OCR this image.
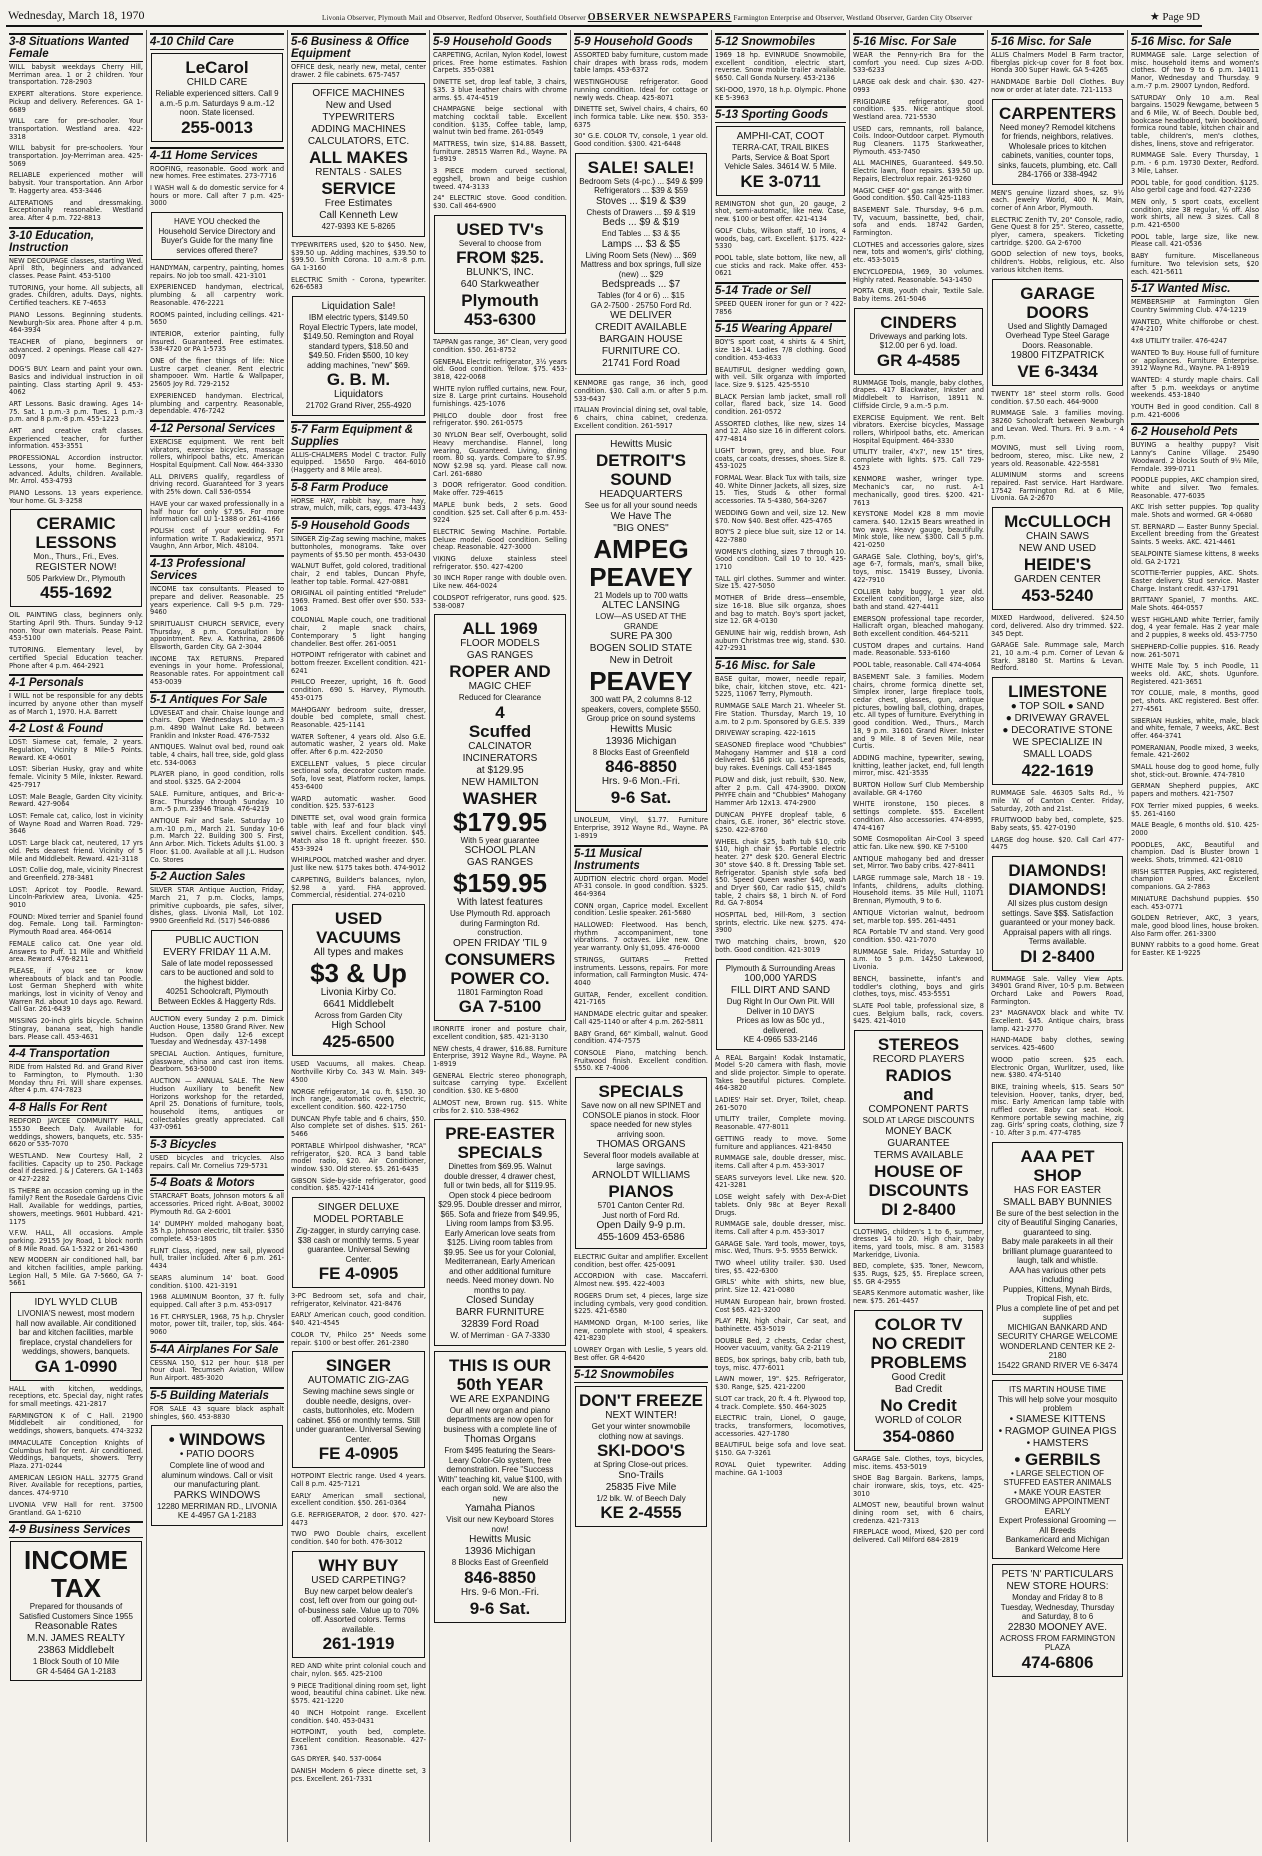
Wednesday, March 18, 1970	Livonia Observer, Plymouth Mail and Observer, Redford Observer, Southfield Observer OBSERVER NEWSPAPERS Farmington Enterprise and Observer, Westland Observer, Garden City Observer	★ Page 9D
3-8 Situations Wanted Female

WILL babysit weekdays Cherry Hill, Merriman area. 1 or 2 children. Your transportation. 728-2903

EXPERT alterations. Store experience. Pickup and delivery. References. GA 1-6689

WILL care for pre-schooler. Your transportation. Westland area. 422-3318

WILL babysit for pre-schoolers. Your transportation. Joy-Merriman area. 425-5069

RELIABLE experienced mother will babysit. Your transportation. Ann Arbor Tr. Haggerty area. 453-3446

ALTERATIONS and dressmaking. Exceptionally reasonable. Westland area. After 4 p.m. 722-8813

3-10 Education, Instruction

NEW DECOUPAGE classes, starting Wed. April 8th, beginners and advanced classes. Pease Paint. 453-5100

TUTORING, your home. All subjects, all grades. Children, adults. Days, nights. Certified teachers. KE 7-4653

PIANO Lessons. Beginning students. Newburgh-Six area. Phone after 4 p.m. 464-3934

TEACHER of piano, beginners or advanced. 2 openings. Please call 427-0097

DOG'S BUY. Learn and paint your own. Basics and individual instruction in oil painting. Class starting April 9. 453-4062

ART Lessons. Basic drawing. Ages 14-75. Sat. 1 p.m.-3 p.m. Tues. 1 p.m.-3 p.m. and 8 p.m.-8 p.m. 455-1223

ART and creative craft classes. Experienced teacher, for further information. 453-3551

PROFESSIONAL Accordion instructor. Lessons, your home. Beginners, advanced. Adults, children. Available. Mr. Arrol. 453-4793

PIANO Lessons. 13 years experience. Your home. GL 3-3258

CERAMIC
LESSONS
Mon., Thurs., Fri., Eves.
REGISTER NOW!
505 Parkview Dr., Plymouth
455-1692

OIL PAINTING class, beginners only. Starting April 9th. Thurs. Sunday 9-12 noon. Your own materials. Pease Paint. 453-5100

TUTORING. Elementary level, by certified Special Education teacher. Phone after 4 p.m. 464-2921

4-1 Personals

I WILL not be responsible for any debts incurred by anyone other than myself as of March 1, 1970. H.A. Barrett

4-2 Lost & Found

LOST: Siamese cat, female, 2 years. Regulation, Vicinity 8 Mile-5 Points. Reward. KE 4-0601

LOST: Siberian Husky, gray and white female. Vicinity 5 Mile, Inkster. Reward. 425-7917

LOST: Male Beagle, Garden City vicinity. Reward. 427-9064

LOST: Female cat, calico, lost in vicinity of Wayne Road and Warren Road. 729-3646

LOST: Large black cat, neutered, 17 yrs old. Pets dearest friend. Vicinity of 5 Mile and Middlebelt. Reward. 421-3118

LOST: Collie dog, male, vicinity Pinecrest and Greenfield. 278-3481

LOST: Apricot toy Poodle. Reward. Lincoln-Parkview area, Livonia. 425-9010

FOUND: Mixed terrier and Spaniel found dog. Female. Long tail. Farmington-Plymouth Road area. 464-0614

FEMALE calico cat. One year old. Answers to Puff. 11 Mile and Whitfield area. Reward. 476-8211

PLEASE, if you see or know whereabouts of black and tan Poodle. Lost German Shepherd with white markings, lost in vicinity of Venoy and Warren Rd. about 10 days ago. Reward. Call Gar. 261-6439

MISSING 20-inch girls bicycle. Schwinn Stingray, banana seat, high handle bars. Please call. 453-4631

4-4 Transportation

RIDE from Halsted Rd. and Grand River to Farmington, to Plymouth. 1:30 Monday thru Fri. Will share expenses. After 4 p.m. 474-7823

4-8 Halls For Rent

REDFORD JAYCEE COMMUNITY HALL, 15530 Beech Daly. Available for weddings, showers, banquets, etc. 535-6620 or 535-7070

WESTLAND. New Courtesy Hall, 2 facilities. Capacity up to 250. Package deal if desired. J & J Caterers. GA 1-1463 or 427-2282

IS THERE an occasion coming up in the family? Rent the Rosedale Gardens Civic Hall. Available for weddings, parties, showers, meetings. 9601 Hubbard. 421-1175

V.F.W. HALL, All occasions. Ample parking. 29155 Joy Road, 1 block north of 8 Mile Road. GA 1-5322 or 261-4360

NEW MODERN air conditioned hall, bar and kitchen facilities, ample parking. Legion Hall, 5 Mile. GA 7-5660, GA 7-5661

IDYL WYLD CLUB
LIVONIA'S newest, most modern hall now available. Air conditioned bar and kitchen facilities, marble fireplace, crystal chandeliers for weddings, showers, banquets.
GA 1-0990

HALL with kitchen, weddings, receptions, etc. Special day, night rates for small meetings. 421-2817

FARMINGTON K of C Hall. 21900 Middlebelt air conditioned, for weddings, showers, banquets. 474-3232

IMMACULATE Conception Knights of Columbus hall for rent. Air conditioned. Weddings, banquets, showers. Terry Plaza. 271-0244

AMERICAN LEGION HALL. 32775 Grand River. Available for receptions, parties, dances. 474-9710

LIVONIA VFW Hall for rent. 37500 Grantland. GA 1-6210

4-9 Business Services
INCOME
TAX
Prepared for thousands of Satisfied Customers Since 1955
Reasonable Rates
M.N. JAMES REALTY
23863 Middlebelt
1 Block South of 10 Mile
GR 4-5464 GA 1-2183
4-10 Child Care
LeCarol
CHILD CARE
Reliable experienced sitters. Call 9 a.m.-5 p.m. Saturdays 9 a.m.-12 noon. State licensed.
255-0013
4-11 Home Services

ROOFING, reasonable. Good work and new homes. Free estimates. 273-7716

I WASH wall & do domestic service for 4 hours or more. Call after 7 p.m. 425-3000

HAVE YOU checked the Household Service Directory and Buyer's Guide for the many fine services offered there?

HANDYMAN, carpentry, painting, homes repairs. No job too small. 421-3101

EXPERIENCED handyman, electrical, plumbing & all carpentry work. Reasonable. 476-2221

ROOMS painted, including ceilings. 421-5650

INTERIOR, exterior painting, fully insured. Guaranteed. Free estimates. 538-4720 or PA 1-5735

ONE of the finer things of life: Nice Lustre carpet cleaner. Rent electric shampooer. Wm. Hartle & Wallpaper, 25605 Joy Rd. 729-2152

EXPERIENCED handyman. Electrical, plumbing and carpentry. Reasonable, dependable. 476-7242

4-12 Personal Services

EXERCISE equipment. We rent belt vibrators, exercise bicycles, massage rollers, whirlpool baths, etc. American Hospital Equipment. Call Now. 464-3330

ALL DRIVERS qualify, regardless of driving record. Guaranteed for 3 years with 25% down. Call 536-0554

HAVE your car waxed professionally in a half hour for only $7.95. For more information call LU 1-1388 or 261-4166

POLISH cost of your wedding. For information write T. Radakiewicz, 9571 Vaughn, Ann Arbor, Mich. 48104.

4-13 Professional Services

INCOME tax consultants. Pleased to prepare and deliver. Reasonable. 25 years experience. Call 9-5 p.m. 729-9460

SPIRITUALIST CHURCH SERVICE, every Thursday, 8 p.m. Consultation by appointment. Rev. A. Kathrina, 28606 Ellsworth, Garden City. GA 2-3044

INCOME TAX RETURNS. Prepared evenings in your home. Professional, Reasonable rates. For appointment call 453-0039

5-1 Antiques For Sale

LOVESEAT and chair. Chaise lounge and chairs. Open Wednesdays 10 a.m.-3 p.m. 4890 Walnut Lake Rd. between Franklin and Inkster Road. 476-7532

ANTIQUES. Walnut oval bed, round oak table, 4 chairs, hall tree, side, gold glass etc. 534-0063

PLAYER piano, in good condition, rolls and stool. $325. GA 2-2004

SALE. Furniture, antiques, and Bric-a-Brac. Thursday through Sunday. 10 a.m.-5 p.m. 23946 Triana. 476-4219

ANTIQUE Fair and Sale. Saturday 10 a.m.-10 p.m., March 21. Sunday 10-6 p.m. March 22. Building 300 S. First, Ann Arbor. Mich. Tickets Adults $1.00. 3 Floor. $1.00. Available at all J.L. Hudson Co. Stores

5-2 Auction Sales

SILVER STAR Antique Auction, Friday, March 21, 7 p.m. Clocks, lamps, primitive cupboards, pie safes, silver, dishes, glass. Livonia Mall, Lot 102. 9900 Greenfield Rd. (517) 546-0886

PUBLIC AUCTION
EVERY FRIDAY 11 A.M.
Sale of late model repossessed cars to be auctioned and sold to the highest bidder.
40251 Schoolcraft, Plymouth Between Eckles & Haggerty Rds.

AUCTION every Sunday 2 p.m. Dimick Auction House, 13580 Grand River. New Hudson. Open daily 12-6 except Tuesday and Wednesday. 437-1498

SPECIAL Auction. Antiques, furniture, glassware, china and cast iron items. Dearborn. 563-5000

AUCTION — ANNUAL SALE. The New Hudson Auxiliary to benefit New Horizons workshop for the retarded, April 25. Donations of furniture, tools, household items, antiques or collectables greatly appreciated. Call 437-0961

5-3 Bicycles

USED bicycles and tricycles. Also repairs. Call Mr. Cornelius 729-5731

5-4 Boats & Motors

STARCRAFT Boats, Johnson motors & all accessories. Priced right. A-Boat, 30002 Plymouth Rd. GA 2-6001

14' DUMPHY molded mahogany boat, 35 h.p. Johnson electric, tilt trailer. $350 complete. 453-1805

FLINT Class, rigged, new sail, plywood hull, trailer included. After 6 p.m. 261-4434

SEARS aluminum 14' boat. Good condition. $100. 421-3191

1968 ALUMINUM Boonton, 37 ft. fully equipped. Call after 3 p.m. 453-0917

16 FT. CHRYSLER, 1968, 75 h.p. Chrysler motor, power tilt, trailer, top, skis. 464-9060

5-4A Airplanes For Sale

CESSNA 150, $12 per hour. $18 per hour dual. Tecumseh Aviation, Willow Run Airport. 485-3020

5-5 Building Materials

FOR SALE 43 square black asphalt shingles, $60. 453-8830

• WINDOWS
• PATIO DOORS
Complete line of wood and aluminum windows. Call or visit our manufacturing plant.
PARKS WINDOWS
12280 MERRIMAN RD., LIVONIA
KE 4-4957 GA 1-2183
5-6 Business & Office Equipment

OFFICE desk, nearly new, metal, center drawer. 2 file cabinets. 675-7457

OFFICE MACHINES
New and Used
TYPEWRITERS
ADDING MACHINES
CALCULATORS, ETC.
ALL MAKES
RENTALS · SALES
SERVICE
Free Estimates
Call Kenneth Lew
427-9393 KE 5-8265

TYPEWRITERS used, $20 to $450. New, $39.50 up. Adding machines, $39.50 to $99.50. Smith Corona. 10 a.m.-8 p.m. GA 1-3160

ELECTRIC Smith - Corona, typewriter. 626-6583

Liquidation Sale!
IBM electric typers, $149.50
Royal Electric Typers, late model, $149.50. Remington and Royal standard typers, $18.50 and $49.50. Friden $500, 10 key adding machines, "new" $69.
G. B. M.
Liquidators
21702 Grand River, 255-4920
5-7 Farm Equipment & Supplies

ALLIS-CHALMERS Model C tractor. Fully equipped. 15650 Fargo. 464-6010 (Haggerty and 8 Mile area).

5-8 Farm Produce

HORSE HAY, rabbit hay, mare hay, straw, mulch, milk, cars, eggs. 473-4433

5-9 Household Goods

SINGER Zig-Zag sewing machine, makes buttonholes, monograms. Take over payments of $5.50 per month. 453-0430

WALNUT Buffet, gold colored, traditional chair, 2 end tables, Duncan Phyfe, leather top table. Formal. 427-0881

ORIGINAL oil painting entitled "Prelude" 1969. Framed. Best offer over $50. 533-1063

COLONIAL Maple couch, one traditional chair, 2 maple snack chairs, Contemporary 5 light hanging chandelier. Best offer. 261-0051

HOTPOINT refrigerator with cabinet and bottom freezer. Excellent condition. 421-6241

PHILCO Freezer, upright, 16 ft. Good condition. 690 S. Harvey, Plymouth. 453-0175

MAHOGANY bedroom suite, dresser, double bed complete, small chest. Reasonable. 425-1141

WATER Softener, 4 years old. Also G.E. automatic washer, 2 years old. Make offer. After 6 p.m. 422-2050

EXCELLENT values, 5 piece circular sectional sofa, decorator custom made. Sofa, love seat, Platform rocker, lamps. 453-6400

WARD automatic washer. Good condition. $25. 537-6123

DINETTE set, oval wood grain formica table with leaf and four black vinyl swivel chairs. Excellent condition. $45. Match also 18 ft. upright freezer. $50. 453-3924

WHIRLPOOL matched washer and dryer. Just like new. $175 takes both. 474-9012

CARPETING, Builder's balances, nylon, $2.98 a yard. FHA approved. Commercial, residential. 274-0210

USED VACUUMS
All types and makes
$3 & Up
Livonia Kirby Co.
6641 Middlebelt
Across from Garden City
High School
425-6500

USED Vacuums, all makes. Cheap. Northville Kirby Co. 343 W. Main. 349-4500

NORGE refrigerator, 14 cu. ft. $150. 30 inch range, automatic oven, electric, excellent condition. $60. 422-1750

DUNCAN Phyfe table and 6 chairs, $50. Also complete set of dishes. $15. 261-5466

PORTABLE Whirlpool dishwasher, "RCA" refrigerator, $20. RCA 3 band table model radio, $20. Air Conditioner, window. $30. Old stereo. $5. 261-6435

GIBSON Side-by-side refrigerator, good condition. $85. 427-1414

SINGER DELUXE
MODEL PORTABLE
Zig-zagger, in sturdy carrying case. $38 cash or monthly terms. 5 year guarantee. Universal Sewing Center.
FE 4-0905

3-PC Bedroom set, sofa and chair, refrigerator, Kelvinator. 421-8476

EARLY American couch, good condition. $40. 421-4545

COLOR TV, Philco 25" Needs some repair. $100 or best offer. 261-2380

SINGER
AUTOMATIC ZIG-ZAG
Sewing machine sews single or double needle, designs, over-casts, buttonholes, etc. Modern cabinet. $56 or monthly terms. Still under guarantee. Universal Sewing Center.
FE 4-0905

HOTPOINT Electric range. Used 4 years. Call 8 p.m. 425-7121

EARLY American small sectional, excellent condition. $50. 261-0364

G.E. REFRIGERATOR, 2 door. $70. 427-4473

TWO PWO Double chairs, excellent condition. $40 for both. 476-3012

WHY BUY
USED CARPETING?
Buy new carpet below dealer's cost, left over from our going out-of-business sale. Value up to 70% off. Assorted colors. Terms available.
261-1919

RED AND white print colonial couch and chair, nylon. $65. 425-2100

9 PIECE Traditional dining room set, light wood, beautiful china cabinet. Like new. $575. 421-1220

40 INCH Hotpoint range. Excellent condition. $40. 453-0431

HOTPOINT, youth bed, complete. Excellent condition. Reasonable. 427-7361

GAS DRYER. $40. 537-0064

DANISH Modern 6 piece dinette set, 3 pcs. Excellent. 261-7331

5-9 Household Goods

CARPETING, Acrilan, Nylon Kodel, lowest prices. Free home estimates. Fashion Carpets. 355-0381

DINETTE set, drop leaf table, 3 chairs, $35. 3 blue leather chairs with chrome arms. $5. 474-4519

CHAMPAGNE beige sectional with matching cocktail table. Excellent condition. $135. Coffee table, lamp, walnut twin bed frame. 261-0549

MATTRESS, twin size, $14.88. Bassett, furniture. 28515 Warren Rd., Wayne. PA 1-8919

3 PIECE modern curved sectional, eggshell, brown and beige cushion tweed. 474-3133

24" ELECTRIC stove. Good condition. $30. Call 464-6900

USED TV's
Several to choose from
FROM $25.
BLUNK'S, INC.
640 Starkweather
Plymouth
453-6300

TAPPAN gas range, 36" Clean, very good condition. $50. 261-8752

GENERAL Electric refrigerator, 3½ years old. Good condition. Yellow. $75. 453-3818, 422-0068

WHITE nylon ruffled curtains, new. Four, size 8. Large print curtains. Household furnishings. 425-1076

PHILCO double door frost free refrigerator. $90. 261-0575

30 NYLON Bear self, Overbought, solid Heavy merchandise. Flannel, long wearing, Guaranteed. Living, dining room. 80 sq. yards. Compare to $7.95. NOW $2.98 sq. yard. Please call now. Carl. 261-6880

3 DOOR refrigerator. Good condition. Make offer. 729-4615

MAPLE bunk beds, 2 sets. Good condition. $25 set. Call after 6 p.m. 453-9224

ELECTRIC Sewing Machine. Portable. Deluxe model. Good condition. Selling cheap. Reasonable. 427-3000

VIKING deluxe stainless steel refrigerator. $50. 427-4200

30 INCH Roper range with double oven. Like new. 464-0024

COLDSPOT refrigerator, runs good. $25. 538-0087

ALL 1969
FLOOR MODELS
GAS RANGES
ROPER AND
MAGIC CHEF
Reduced for Clearance
4
Scuffed
CALCINATOR
INCINERATORS
at $129.95
NEW HAMILTON
WASHER
$179.95
With 5 year guarantee
SCHOOL PLAN
GAS RANGES
$159.95
With latest features
Use Plymouth Rd. approach during Farmington Rd. construction.
OPEN FRIDAY 'TIL 9
CONSUMERS
POWER CO.
11801 Farmington Road
GA 7-5100

IRONRITE ironer and posture chair, excellent condition, $85. 421-3130

NEW chests, 4 drawer, $16.88. Furniture Enterprise, 3912 Wayne Rd., Wayne. PA 1-8919

GENERAL Electric stereo phonograph, suitcase carrying type. Excellent condition. $30. KE 5-6800

ALMOST new, Brown rug. $15. White cribs for 2. $10. 538-4962

PRE-EASTER
SPECIALS
Dinettes from $69.95. Walnut double dresser, 4 drawer chest, full or twin beds, all for $119.95. Open stock 4 piece bedroom $29.95. Double dresser and mirror, $65. Sofa and frieze from $49.95, Living room lamps from $3.95. Early American love seats from $125. Living room tables from $9.95. See us for your Colonial, Mediterranean, Early American and other additional furniture needs. Need money down. No months to pay.
Closed Sunday
BARR FURNITURE
32839 Ford Road
W. of Merriman · GA 7-3330
THIS IS OUR
50th YEAR
WE ARE EXPANDING
Our all new organ and piano departments are now open for business with a complete line of
Thomas Organs
From $495 featuring the Sears-Leary Color-Glo system, free demonstration. Free "Success With" teaching kit, value $100, with each organ sold. We are also the new
Yamaha Pianos
Visit our new Keyboard Stores now!
Hewitts Music
13936 Michigan
8 Blocks East of Greenfield
846-8850
Hrs. 9-6 Mon.-Fri.
9-6 Sat.
5-9 Household Goods

ASSORTED baby furniture, custom made chair drapes with brass rods, modern table lamps. 453-6372

WESTINGHOUSE refrigerator. Good running condition. Ideal for cottage or newly weds. Cheap. 425-8071

DINETTE set, Swivel chairs, 4 chairs, 60 inch formica table. Like new. $50. 353-6375

30" G.E. COLOR TV, console, 1 year old. Good condition. $300. 421-6448

SALE! SALE!
Bedroom Sets (4-pc.) ... $49 & $99
Refrigerators ... $39 & $59
Stoves ... $19 & $39
Chests of Drawers ... $9 & $19
Beds ... $9 & $19
End Tables ... $3 & $5
Lamps ... $3 & $5
Living Room Sets (New) ... $69
Mattress and box springs, full size (new) ... $29
Bedspreads ... $7
Tables (for 4 or 6) ... $15
GA 2-7500 · 25750 Ford Rd.
WE DELIVER
CREDIT AVAILABLE
BARGAIN HOUSE
FURNITURE CO.
21741 Ford Road

KENMORE gas range, 36 inch, good condition. $30. Call a.m. or after 5 p.m. 533-6437

ITALIAN Provincial dining set, oval table, 6 chairs, china cabinet, credenza. Excellent condition. 261-5917

Hewitts Music
DETROIT'S
SOUND
HEADQUARTERS
See us for all your sound needs
We Have The
"BIG ONES"
AMPEG
PEAVEY
21 Models up to 700 watts
ALTEC LANSING
LOW—AS USED AT THE GRANDE
SURE PA 300
BOGEN SOLID STATE
New in Detroit
PEAVEY
300 watt PA, 2 columns 8-12 speakers, covers, complete $550.
Group price on sound systems
Hewitts Music
13936 Michigan
8 Blocks East of Greenfield
846-8850
Hrs. 9-6 Mon.-Fri.
9-6 Sat.

LINOLEUM, Vinyl, $1.77. Furniture Enterprise, 3912 Wayne Rd., Wayne. PA 1-8919

5-11 Musical Instruments

AUDITION electric chord organ. Model AT-31 console. In good condition. $325. 464-9364

CONN organ, Caprice model. Excellent condition. Leslie speaker. 261-5680

HALLOWED: Fleetwood. Has bench, rhythm accompaniment, tone vibrations. 7 octaves. Like new. One year warranty. Only $1,095. 476-0000

STRINGS, GUITARS — Fretted instruments. Lessons, repairs. For more information, call Farmington Music. 474-4040

GUITAR, Fender, excellent condition. 421-7165

HANDMADE electric guitar and speaker. Call 425-1140 or after 4 p.m. 262-5811

BABY Grand, 66" Kimball, walnut. Good condition. 474-7575

CONSOLE Piano, matching bench. Fruitwood finish. Excellent condition. $550. KE 7-4006

SPECIALS
Save now on all new SPINET and CONSOLE pianos in stock. Floor space needed for new styles arriving soon.
THOMAS ORGANS
Several floor models available at large savings.
ARNOLDT WILLIAMS
PIANOS
5701 Canton Center Rd.
Just north of Ford Rd.
Open Daily 9-9 p.m.
455-1609 453-6586

ELECTRIC Guitar and amplifier. Excellent condition, best offer. 425-0091

ACCORDION with case. Maccaferri. Almost new. $95. 422-4003

ROGERS Drum set, 4 pieces, large size including cymbals, very good condition. $225. 421-6580

HAMMOND Organ, M-100 series, like new, complete with stool, 4 speakers. 421-8230

LOWREY Organ with Leslie, 5 years old. Best offer. GR 4-6420

5-12 Snowmobiles
DON'T FREEZE
NEXT WINTER!
Get your winter snowmobile clothing now at savings.
SKI-DOO'S
at Spring Close-out prices.
Sno-Trails
25835 Five Mile
1/2 blk. W. of Beech Daly
KE 2-4555
5-12 Snowmobiles

1969 18 hp. EVINRUDE Snowmobile, excellent condition, electric start, reverse. Snow mobile trailer available. $650. Call Gonda Nursery. 453-2136

SKI-DOO, 1970, 18 h.p. Olympic. Phone KE 5-3963

5-13 Sporting Goods
AMPHI-CAT, COOT
TERRA-CAT, TRAIL BIKES
Parts, Service & Boat Sport Vehicle Sales. 34614 W. 5 Mile.
KE 3-0711

REMINGTON shot gun, 20 gauge, 2 shot, semi-automatic, like new. Case, new. $100 or best offer. 421-4134

GOLF Clubs, Wilson staff, 10 irons, 4 woods, bag, cart. Excellent. $175. 422-5330

POOL table, slate bottom, like new, all cue sticks and rack. Make offer. 453-0621

5-14 Trade or Sell

SPEED QUEEN ironer for gun or ? 422-7856

5-15 Wearing Apparel

BOY'S sport coat, 4 shirts & 4 Shirt, size 18-14. Ladies 7/8 clothing. Good condition. 453-4633

BEAUTIFUL designer wedding gown, with veil. Silk organza with imported lace. Size 9. $125. 425-5510

BLACK Persian lamb jacket, small roll collar, flared back, size 14. Good condition. 261-0572

ASSORTED clothes, like new, sizes 14 and 12. Also size 16 in different colors. 477-4814

LIGHT brown, grey, and blue. Four coats, car coats, dresses, shoes. Size 8. 453-1025

FORMAL Wear. Black Tux with tails, size 40. White Dinner Jackets, all sizes, size 15. Ties, Studs & other formal accessories. TA 5-4380, 564-3267

WEDDING Gown and veil, size 12. New $70. Now $40. Best offer. 425-4765

BOY'S 2 piece blue suit, size 12 or 14. 422-7880

WOMEN'S clothing, sizes 7 through 10. Good condition. Call 10 to 10. 425-1710

TALL girl clothes. Summer and winter. Size 15. 427-5050

MOTHER of Bride dress—ensemble, size 16-18. Blue silk organza, shoes and bag to match. Boy's sport jacket, size 12. GR 4-0130

GENUINE hair wig, reddish brown, Ash auburn Christmas tree wig, stand. $30. 427-2931

5-16 Misc. for Sale

BASE guitar, mower, needle repair, bike, chair, kitchen stove, etc. 421-5225, 11067 Terry, Plymouth.

RUMMAGE SALE March 21. Wheeler St. Fire Station. Thursday, March 19, 10 a.m. to 2 p.m. Sponsored by G.E.S. 339

DRIVEWAY scraping. 422-1615

SEASONED fireplace wood "Chubbies" Mahogany Hammer and $18 a cord delivered. $16 pick up. Leaf spreads, buy rakes. Evenings. Call 453-1845

PLOW and disk, just rebuilt, $30. New, after 2 p.m. Call 474-3900. DIXON PHYFE chain and "Chubbies" Mahogany Hammer Arb 12x13. 474-2900

DUNCAN PHYFE dropleaf table, 6 chairs, G.E. ironer, 36" electric stove. $250. 422-8760

WHEEL chair $25, bath tub $10, crib $10, high chair $5. Portable electric heater. 27" desk $20. General Electric 30" stove $40. 8 ft. Dressing Table set. Refrigerator. Spanish style sofa bed $50. Speed Queen washer $40, wash and Dryer $60, Car radio $15, child's table, 2 chairs $8, 1 birch N. of Ford Rd. GA 7-8054

HOSPITAL bed, Hill-Rom, 3 section sprints, electric. Like new. $275. 474-3900

TWO matching chairs, brown, $20 both. Good condition. 421-3019

Plymouth & Surrounding Areas
100,000 YARDS
FILL DIRT AND SAND
Dug Right In Our Own Pit. Will Deliver in 10 DAYS
Prices as low as 50c yd., delivered.
KE 4-0965 533-2146

A REAL Bargain! Kodak Instamatic, Model S-20 camera with flash, movie and slide projector. Simple to operate. Takes beautiful pictures. Complete. 464-3820

LADIES' Hair set. Dryer, Toilet, cheap. 261-5070

UTILITY trailer, Complete moving. Reasonable. 477-8011

GETTING ready to move. Some furniture and appliances. 421-8450

RUMMAGE sale, double dresser, misc. items. Call after 4 p.m. 453-3017

SEARS surveyors level. Like new. $20. 421-3281

LOSE weight safely with Dex-A-Diet tablets. Only 98c at Beyer Rexall Drugs.

RUMMAGE sale, double dresser, misc. items. Call after 4 p.m. 453-3017

GARAGE Sale. Yard tools, mower, toys, misc. Wed, Thurs. 9-5. 9555 Berwick.

TWO wheel utility trailer. $30. Used tires, $5. 422-6300

GIRLS' white with shirts, new blue, print. Size 12. 421-0080

HUMAN European hair, brown frosted. Cost $65. 421-3200

PLAY PEN, high chair, Car seat, and bathinette. 453-5019

DOUBLE Bed, 2 chests, Cedar chest, Hoover vacuum, vanity. GA 2-2119

BEDS, box springs, baby crib, bath tub, toys, misc. 477-6011

LAWN mower, 19". $25. Refrigerator, $30. Range, $25. 421-2200

SLOT car track, 20 ft. 4 ft. Plywood top, 4 track. Complete. $50. 464-3025

ELECTRIC train, Lionel, O gauge, tracks, transformers, locomotives, accessories. 427-1780

BEAUTIFUL beige sofa and love seat. $150. GA 7-3261

ROYAL Quiet typewriter. Adding machine. GA 1-1003

5-16 Misc. For Sale

WEAR the Penny-rich Bra for the comfort you need. Cup sizes A-DD. 533-6233

LARGE oak desk and chair. $30. 427-0993

FRIGIDAIRE refrigerator, good condition. $35. Nice antique stool. Westland area. 721-5530

USED cars, remnants, roll balance, Coils. Indoor-Outdoor carpet. Plymouth Rug Cleaners. 1175 Starkweather, Plymouth. 453-7450

ALL MACHINES, Guaranteed. $49.50. Electric lawn, floor repairs. $39.50 up. Repairs, Electrolux repair. 261-9260

MAGIC CHEF 40" gas range with timer. Good condition. $50. Call 425-1183

BASEMENT Sale. Thursday, 9-6 p.m. TV, vacuum, bassinette, bed, chair, sofa and ends. 18742 Garden, Farmington.

CLOTHES and accessories galore, sizes new, tots and women's, girls' clothing, etc. 453-5015

ENCYCLOPEDIA, 1969, 30 volumes. Highly rated. Reasonable. 543-1450

PORTA CRIB, youth chair, Textile Sale. Baby items. 261-5046

CINDERS
Driveways and parking lots. $12.00 per 6 yd. load.
GR 4-4585

RUMMAGE Tools, mangle, baby clothes, drapes. 417 Blackwater, Inkster and Middlebelt to Harrison, 18911 N. Cliffside Circle, 9 a.m.-5 p.m.

EXERCISE Equipment. We rent. Belt vibrators. Exercise bicycles, Massage rollers, Whirlpool baths, etc. American Hospital Equipment. 464-3330

UTILITY trailer, 4'x7', new 15" tires, complete with lights. $75. Call 729-4523

KENMORE washer, wringer type. Mechanic's car, no rust. A-1 mechanically, good tires. $200. 421-7613

KEYSTONE Model K28 8 mm movie camera. $40. 12x15 Bears wreathed in two ways. Heavy gauge, beautifully. Mink stole, like new. $300. Call 5 p.m. 421-0250

GARAGE Sale. Clothing, boy's, girl's, age 6-7, formals, man's, small bike, toys, misc. 15419 Bussey, Livonia. 422-7910

COLLIER baby buggy, 1 year old. Excellent condition, large size, also bath and stand. 427-4411

EMERSON professional tape recorder, Hallicraft organ, bleached mahogany. Both excellent condition. 464-5211

CUSTOM drapes and curtains. Hand made. Reasonable. 533-6160

POOL table, reasonable. Call 474-4064

BASEMENT Sale. 3 families. Modern chairs, chrome formica dinette set, Simplex ironer, large fireplace tools, cedar chest, glasses, gun, antique pictures, bowling ball, clothing, drapes, etc. All types of furniture. Everything in good condition. Wed., Thurs., March 18, 9 p.m. 31601 Grand River. Inkster and 9 Mile. 8 of Seven Mile, near Curtis.

ADDING machine, typewriter, sewing, knitting, leather jacket, end, full length mirror, misc. 421-3535

BURTON Hollow Surf Club Membership available. GR 4-1760

WHITE ironstone, 150 pieces. 8 settings complete. $55. Excellent condition. Also accessories. 474-8995, 474-4167

SOME Cosmopolitan Air-Cool 3 speed attic fan. Like new. $90. KE 7-5100

ANTIQUE mahogany bed and dresser set, Mirror. Two baby cribs. 427-8411

LARGE rummage sale, March 18 - 19. Infants, childrens, adults clothing. Household items. 35 Mile Hull, 11071 Brennan, Plymouth, 9 to 6.

ANTIQUE Victorian walnut, bedroom set, marble top. $95. 261-4451

RCA Portable TV and stand. Very good condition. $50. 421-7070

RUMMAGE Sale. Friday, Saturday 10 a.m. to 5 p.m. 14250 Lakewood, Livonia.

BENCH, bassinette, infant's and toddler's clothing, boys and girls clothes, toys, misc. 453-5551

SLATE Pool table, professional size, 8 cues. Belgium balls, rack, covers. $425. 421-4010

STEREOS
RECORD PLAYERS
RADIOS
and
COMPONENT PARTS
SOLD AT LARGE DISCOUNTS
MONEY BACK GUARANTEE
TERMS AVAILABLE
HOUSE OF
DISCOUNTS
DI 2-8400

CLOTHING, children's 1 to 6, summer, dresses 14 to 20. High chair, baby items, yard tools, misc. 8 am. 31583 Markeridge, Livonia.

BED, complete, $35. Toner, Newcorn, $35. Rugs, $25, $5. Fireplace screen, $5. GR 4-2955

SEARS Kenmore automatic washer, like new. $75. 261-4457

COLOR TV
NO CREDIT
PROBLEMS
Good Credit
Bad Credit
No Credit
WORLD of COLOR
354-0860

GARAGE Sale. Clothes, toys, bicycles, misc. items. 453-5019

SHOE Bag Bargain. Barkens, lamps, chair ironware, skis, toys, etc. 425-3010

ALMOST new, beautiful brown walnut dining room set, with 6 chairs, credenza. 421-7313

FIREPLACE wood, Mixed, $20 per cord delivered. Call Milford 684-2819

5-16 Misc. for Sale

ALLIS Chalmers Model B Farm tractor, fiberglas pick-up cover for 8 foot box. Honda 300 Super Hawk. GA 5-4265

HANDMADE Barbie Doll Clothes. Buy now or order at later date. 721-1153

CARPENTERS
Need money? Remodel kitchens for friends, neighbors, relatives. Wholesale prices to kitchen cabinets, vanities, counter tops, sinks, faucets, plumbing, etc. Call 284-1766 or 338-4942

MEN'S genuine lizzard shoes, sz. 9½ each. Jewelry World, 400 N. Main, corner of Ann Arbor, Plymouth.

ELECTRIC Zenith TV, 20" Console, radio, Gene Quest 8 for 25". Stereo, cassette, plyer, camera, speakers. Ticketing cartridge. $200. GA 2-6700

GOOD selection of new toys, books, children's. Hobbs, religious, etc. Also various kitchen items.

GARAGE DOORS
Used and Slightly Damaged Overhead Type Steel Garage Doors. Reasonable.
19800 FITZPATRICK
VE 6-3434

TWENTY 18" steel storm rolls. Good condition. $7.50 each. 464-9000

RUMMAGE Sale. 3 families moving. 38260 Schoolcraft between Newburgh and Levan. Wed. Thurs. Fri. 9 a.m. - 4 p.m.

MOVING, must sell Living room, bedroom, stereo, misc. Like new, 2 years old. Reasonable. 422-5581

ALUMINUM storms and screens repaired. Fast service. Hart Hardware. 17542 Farmington Rd. at 6 Mile, Livonia. GA 2-2670

McCULLOCH
CHAIN SAWS
NEW AND USED
HEIDE'S
GARDEN CENTER
453-5240

MIXED Hardwood, delivered. $24.50 cord, delivered. Also dry trimmed. $22. 345 Dept.

GARAGE Sale. Rummage sale, March 21, 10 a.m.-4 p.m. Corner of Levan & Stark. 38180 St. Martins & Levan. Redford.

LIMESTONE
● TOP SOIL ● SAND
● DRIVEWAY GRAVEL
● DECORATIVE STONE
WE SPECIALIZE IN
SMALL LOADS
422-1619

RUMMAGE Sale. 46305 Salts Rd., ½ mile W. of Canton Center. Friday, Saturday, 20th and 21st.

FRUITWOOD baby bed, complete, $25. Baby seats, $5. 427-0190

LARGE dog house. $20. Call Carl 477-4475

DIAMONDS!
DIAMONDS!
All sizes plus custom design settings. Save $$$. Satisfaction guaranteed or your money back. Appraisal papers with all rings. Terms available.
DI 2-8400

RUMMAGE Sale. Valley View Apts. 34901 Grand River, 10-5 p.m. Between Orchard Lake and Powers Road, Farmington.

23" MAGNAVOX black and white TV. Excellent. $45. Antique chairs, brass lamp. 421-2770

HAND-MADE baby clothes, sewing services. 425-4600

WOOD patio screen. $25 each. Electronic Organ, Wurlitzer, used, like new. $380. 474-5140

BIKE, training wheels, $15. Sears 50" television. Hoover, tanks, dryer, bed, misc. Early American lamp table with ruffled cover. Baby car seat. Hook. Kenmore portable sewing machine, zig zag. Girls' spring coats, clothing, size 7 - 10. After 3 p.m. 477-4785

AAA PET SHOP
HAS FOR EASTER
SMALL BABY BUNNIES
Be sure of the best selection in the city of Beautiful Singing Canaries, guaranteed to sing.
Baby male parakeets in all their brilliant plumage guaranteed to laugh, talk and whistle.
AAA has various other pets including
Puppies, Kittens, Mynah Birds, Tropical Fish, etc.
Plus a complete line of pet and pet supplies
MICHIGAN BANKARD AND SECURITY CHARGE WELCOME
WONDERLAND CENTER KE 2-2180
15422 GRAND RIVER VE 6-3474
ITS MARTIN HOUSE TIME
This will help solve your mosquito problem
• SIAMESE KITTENS
• RAGMOP GUINEA PIGS
• HAMSTERS
• GERBILS
• LARGE SELECTION OF STUFFED EASTER ANIMALS
• MAKE YOUR EASTER GROOMING APPOINTMENT EARLY
Expert Professional Grooming — All Breeds
Bankamericard and Michigan Bankard Welcome Here
PETS 'N' PARTICULARS
NEW STORE HOURS:
Monday and Friday 8 to 8
Tuesday, Wednesday, Thursday and Saturday, 8 to 6
22830 MOONEY AVE.
ACROSS FROM FARMINGTON PLAZA
474-6806
5-16 Misc. for Sale

RUMMAGE sale. Large selection of misc. household items and women's clothes. Of two 9 to 6 p.m. 14011 Manor, Wednesday and Thursday. 9 a.m.-7 p.m. 29007 Lyndon, Redford.

SATURDAY Only 10 a.m. Real bargains. 15029 Newgame, between 5 and 6 Mile, W. of Beech. Double bed, bookcase headboard, twin bookboard, formica round table, kitchen chair and table, children's, men's clothes, dishes, linens, stove and refrigerator.

RUMMAGE Sale. Every Thursday, 1 p.m. - 6 p.m. 19730 Dexter, Redford. 3 Mile, Lahser.

POOL table, for good condition. $125. Also gerbil cage and food. 427-2236

MEN only, 5 sport coats, excellent condition, size 38 regular, ½ off. Also work shirts, all new. 3 sizes. Call 8 p.m. 421-6500

POOL table, large size, like new. Please call. 421-0536

BABY furniture. Miscellaneous furniture. Two television sets, $20 each. 421-5611

5-17 Wanted Misc.

MEMBERSHIP at Farmington Glen Country Swimming Club. 474-1219

WANTED, White chifforobe or chest. 474-2107

4x8 UTILITY trailer. 476-4247

WANTED To Buy. House full of furniture or appliances. Furniture Enterprise. 3912 Wayne Rd., Wayne. PA 1-8919

WANTED: 4 sturdy maple chairs. Call after 5 p.m. weekdays or anytime weekends. 453-1840

YOUTH Bed in good condition. Call 8 p.m. 421-6006

6-2 Household Pets

BUYING a healthy puppy? Visit Lanny's Canine Village. 25490 Woodward. 2 blocks South of 9½ Mile, Ferndale. 399-0711

POODLE puppies, AKC champion sired, white and silver. Two females. Reasonable. 477-6035

AKC Irish setter puppies. Top quality male. Shots and wormed. GR 4-0680

ST. BERNARD — Easter Bunny Special. Excellent breeding from the Greatest Saints. 5 weeks. AKC. 421-4461

SEALPOINTE Siamese kittens, 8 weeks old. GA 2-1721

SCOTTIE-Terrier puppies, AKC. Shots. Easter delivery. Stud service. Master Charge. Instant credit. 437-1791

BRITTANY Spaniel, 7 months. AKC. Male Shots. 464-0557

WEST HIGHLAND white Terrier, family dog, 4 year female. Has 2 year male and 2 puppies, 8 weeks old. 453-7750

SHEPHERD-Collie puppies. $16. Ready now. 261-5071

WHITE Male Toy. 5 inch Poodle, 11 weeks old. AKC, shots. Ugunfore. Registered. 421-3651

TOY COLLIE, male, 8 months, good pet, shots. AKC registered. Best offer. 277-4561

SIBERIAN Huskies, white, male, black and white, female, 7 weeks, AKC. Best offer. 464-3741

POMERANIAN, Poodle mixed, 3 weeks, female. 421-2602

SMALL house dog to good home, fully shot, stick-out. Brownie. 474-7810

GERMAN Shepherd puppies, AKC papers and mothers. 421-7507

FOX Terrier mixed puppies, 6 weeks. $5. 261-4160

MALE Beagle, 6 months old. $10. 425-2000

POODLES, AKC, Beautiful and champion. Dad is Bluster brown 1 weeks. Shots, trimmed. 421-0810

IRISH SETTER Puppies, AKC registered, champion sired. Excellent companions. GA 2-7863

MINIATURE Dachshund puppies. $50 each. 453-0771

GOLDEN Retriever, AKC, 3 years, male, good blood lines, house broken. Also Farm offer. 261-3300

BUNNY rabbits to a good home. Great for Easter. KE 1-9225
